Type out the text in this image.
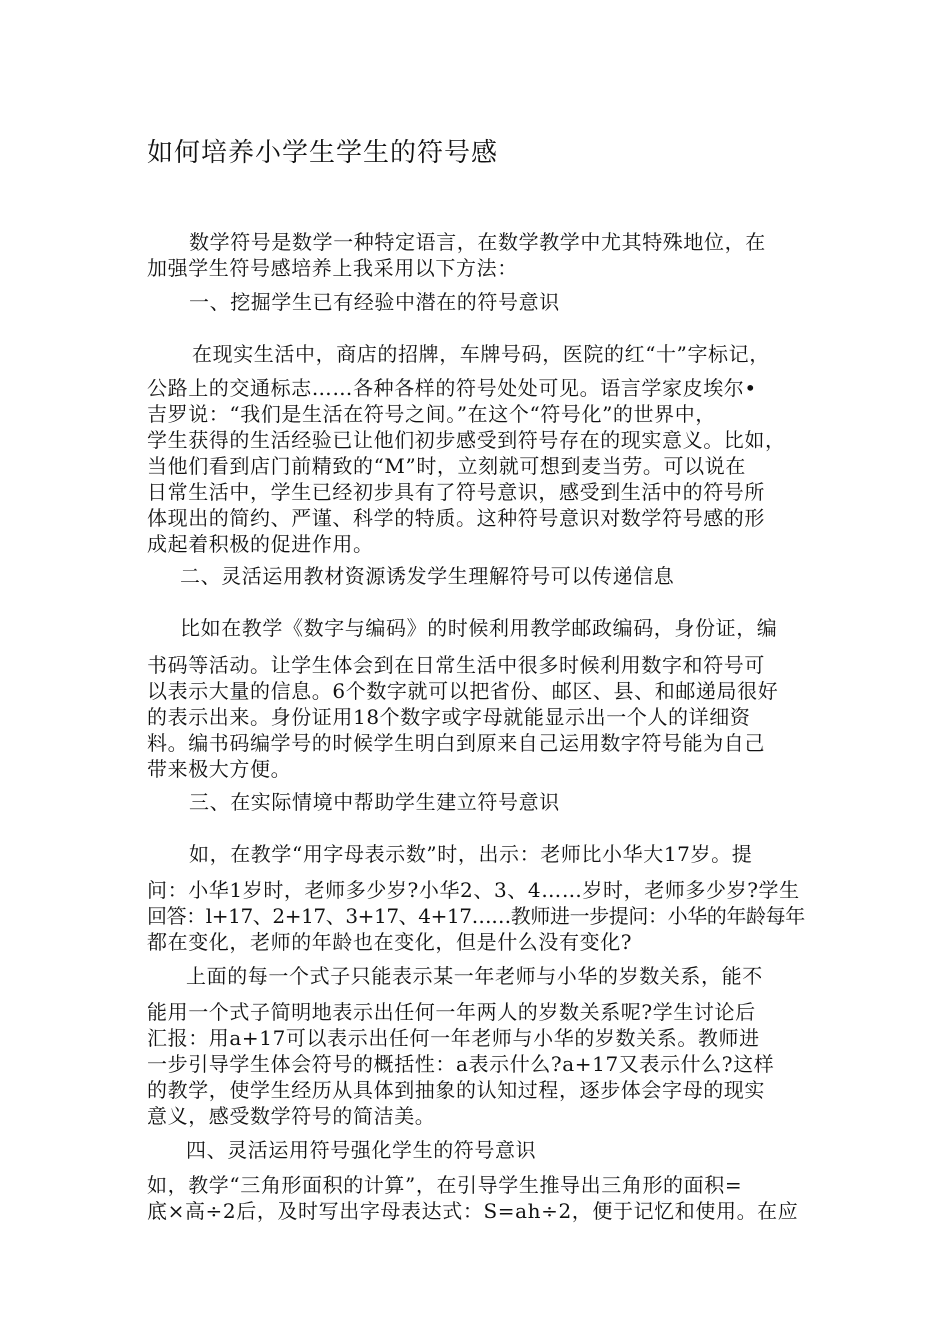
如何培养小学生学生的符号感
数学符号是数学一种特定语言，在数学教学中尤其特殊地位，在
加强学生符号感培养上我采用以下方法：
一、挖掘学生已有经验中潜在的符号意识
在现实生活中，商店的招牌，车牌号码，医院的红“十”字标记，
公路上的交通标志……各种各样的符号处处可见。语言学家皮埃尔•
吉罗说：“我们是生活在符号之间。”在这个“符号化”的世界中，
学生获得的生活经验已让他们初步感受到符号存在的现实意义。比如，
当他们看到店门前精致的“M”时，立刻就可想到麦当劳。可以说在
日常生活中，学生已经初步具有了符号意识，感受到生活中的符号所
体现出的简约、严谨、科学的特质。这种符号意识对数学符号感的形
成起着积极的促进作用。
二、灵活运用教材资源诱发学生理解符号可以传递信息
比如在教学《数字与编码》的时候利用教学邮政编码，身份证，编
书码等活动。让学生体会到在日常生活中很多时候利用数字和符号可
以表示大量的信息。6个数字就可以把省份、邮区、县、和邮递局很好
的表示出来。身份证用18个数字或字母就能显示出一个人的详细资
料。编书码编学号的时候学生明白到原来自己运用数字符号能为自己
带来极大方便。
三、在实际情境中帮助学生建立符号意识
如，在教学“用字母表示数”时，出示：老师比小华大17岁。提
问：小华1岁时，老师多少岁?小华2、3、4……岁时，老师多少岁?学生
回答：l+17、2+17、3+17、4+17……教师进一步提问：小华的年龄每年
都在变化，老师的年龄也在变化，但是什么没有变化?
上面的每一个式子只能表示某一年老师与小华的岁数关系，能不
能用一个式子简明地表示出任何一年两人的岁数关系呢?学生讨论后
汇报：用a+17可以表示出任何一年老师与小华的岁数关系。教师进
一步引导学生体会符号的概括性：a表示什么?a+17又表示什么?这样
的教学，使学生经历从具体到抽象的认知过程，逐步体会字母的现实
意义，感受数学符号的简洁美。
四、灵活运用符号强化学生的符号意识
如，教学“三角形面积的计算”，在引导学生推导出三角形的面积=
底×高÷2后，及时写出字母表达式：S=ah÷2，便于记忆和使用。在应
